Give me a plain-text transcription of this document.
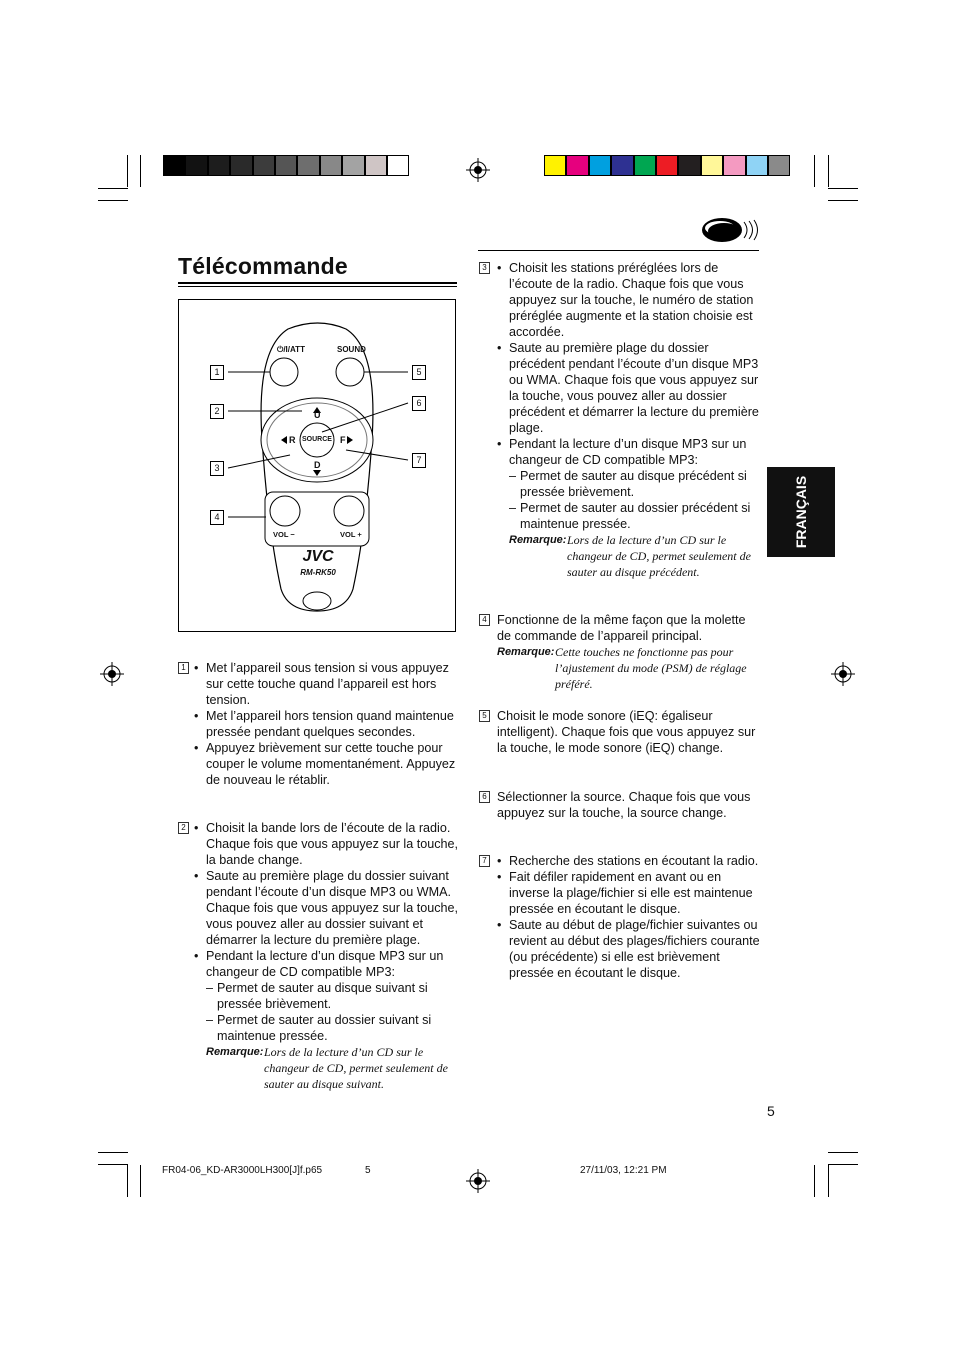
Télécommande
⏻/I/ATT	SOUND
U
D
R	F
SOURCE
VOL −	VOL +
JVC
RM-RK50
1
2
3
4
5
6
7
1 • Met l’appareil sous tension si vous appuyez sur cette touche quand l’appareil est hors tension.
• Met l’appareil hors tension quand maintenue pressée pendant quelques secondes.
• Appuyez brièvement sur cette touche pour couper le volume momentanément. Appuyez de nouveau le rétablir.
2 • Choisit la bande lors de l’écoute de la radio. Chaque fois que vous appuyez sur la touche, la bande change.
• Saute au première plage du dossier suivant pendant l’écoute d’un disque MP3 ou WMA. Chaque fois que vous appuyez sur la touche, vous pouvez aller au dossier suivant et démarrer la lecture du première plage.
• Pendant la lecture d’un disque MP3 sur un changeur de CD compatible MP3:
– Permet de sauter au disque suivant si pressée brièvement.
– Permet de sauter au dossier suivant si maintenue pressée.
Remarque: Lors de la lecture d’un CD sur le changeur de CD, permet seulement de sauter au disque suivant.
3 • Choisit les stations préréglées lors de l’écoute de la radio. Chaque fois que vous appuyez sur la touche, le numéro de station préréglée augmente et la station choisie est accordée.
• Saute au première plage du dossier précédent pendant l’écoute d’un disque MP3 ou WMA. Chaque fois que vous appuyez sur la touche, vous pouvez aller au dossier précédent et démarrer la lecture du première plage.
• Pendant la lecture d’un disque MP3 sur un changeur de CD compatible MP3:
– Permet de sauter au disque précédent si pressée brièvement.
– Permet de sauter au dossier précédent si maintenue pressée.
Remarque: Lors de la lecture d’un CD sur le changeur de CD, permet seulement de sauter au disque précédent.
4 Fonctionne de la même façon que la molette de commande de l’appareil principal.
Remarque: Cette touches ne fonctionne pas pour l’ajustement du mode (PSM) de réglage préféré.
5 Choisit le mode sonore (iEQ: égaliseur intelligent). Chaque fois que vous appuyez sur la touche, le mode sonore (iEQ) change.
6 Sélectionner la source. Chaque fois que vous appuyez sur la touche, la source change.
7 • Recherche des stations en écoutant la radio.
• Fait défiler rapidement en avant ou en inverse la plage/fichier si elle est maintenue pressée en écoutant le disque.
• Saute au début de plage/fichier suivantes ou revient au début des plages/fichiers courante (ou précédente) si elle est brièvement pressée en écoutant le disque.
FRANÇAIS
5
FR04-06_KD-AR3000LH300[J]f.p65	5	27/11/03, 12:21 PM
